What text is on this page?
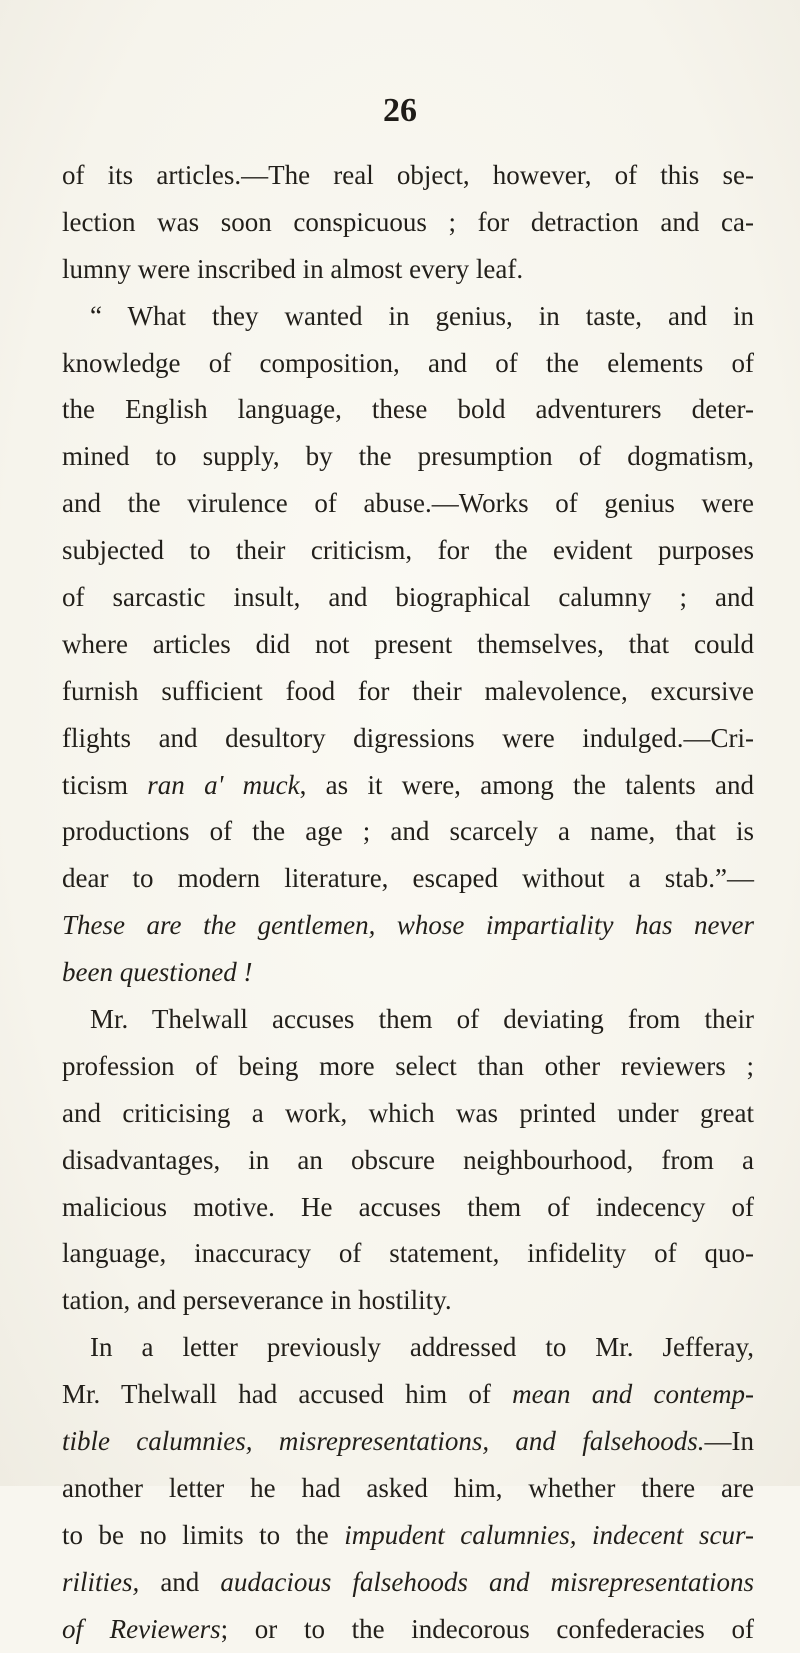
26
of its articles.—The real object, however, of this se-
lection was soon conspicuous ; for detraction and ca-
lumny were inscribed in almost every leaf.
“ What they wanted in genius, in taste, and in
knowledge of composition, and of the elements of
the English language, these bold adventurers deter-
mined to supply, by the presumption of dogmatism,
and the virulence of abuse.—Works of genius were
subjected to their criticism, for the evident purposes
of sarcastic insult, and biographical calumny ; and
where articles did not present themselves, that could
furnish sufficient food for their malevolence, excursive
flights and desultory digressions were indulged.—Cri-
ticism ran a' muck, as it were, among the talents and
productions of the age ; and scarcely a name, that is
dear to modern literature, escaped without a stab.”—
These are the gentlemen, whose impartiality has never
been questioned !
Mr. Thelwall accuses them of deviating from their
profession of being more select than other reviewers ;
and criticising a work, which was printed under great
disadvantages, in an obscure neighbourhood, from a
malicious motive. He accuses them of indecency of
language, inaccuracy of statement, infidelity of quo-
tation, and perseverance in hostility.
In a letter previously addressed to Mr. Jefferay,
Mr. Thelwall had accused him of mean and contemp-
tible calumnies, misrepresentations, and falsehoods.—In
another letter he had asked him, whether there are
to be no limits to the impudent calumnies, indecent scur-
rilities, and audacious falsehoods and misrepresentations
of Reviewers; or to the indecorous confederacies of
